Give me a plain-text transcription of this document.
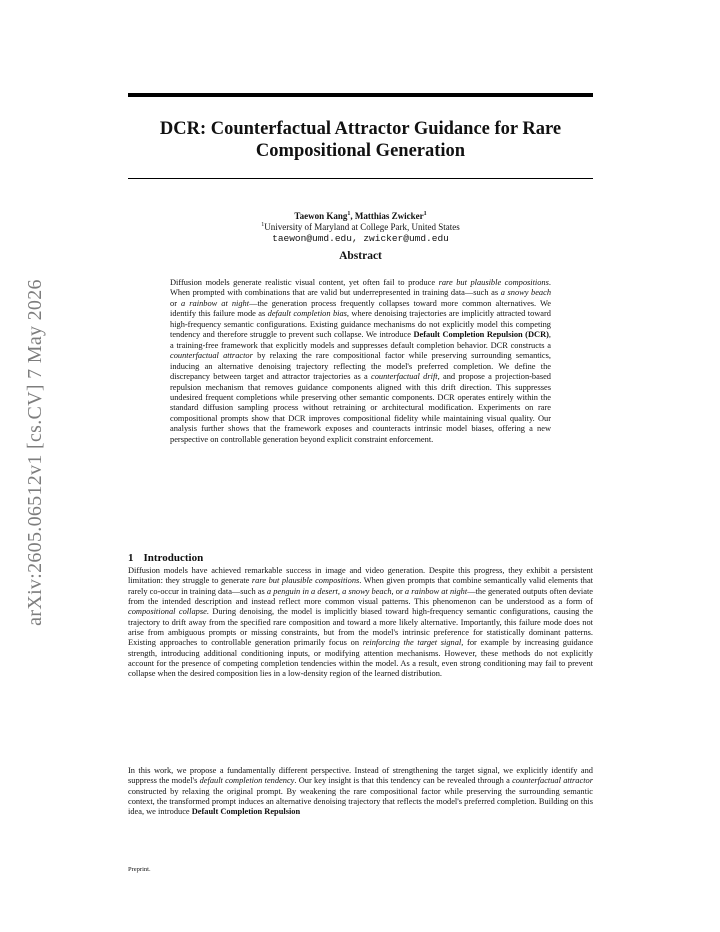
arXiv:2605.06512v1 [cs.CV] 7 May 2026
DCR: Counterfactual Attractor Guidance for Rare
Compositional Generation
Taewon Kang$^1$, Matthias Zwicker$^1$
$^1$University of Maryland at College Park, United States
taewon@umd.edu, zwicker@umd.edu
Abstract
Diffusion models generate realistic visual content, yet often fail to produce rare but plausible compositions. When prompted with combinations that are valid but underrepresented in training data—such as a snowy beach or a rainbow at night—the generation process frequently collapses toward more common alternatives. We identify this failure mode as default completion bias, where denoising trajectories are implicitly attracted toward high-frequency semantic configurations. Existing guidance mechanisms do not explicitly model this competing tendency and therefore struggle to prevent such collapse. We introduce Default Completion Repulsion (DCR), a training-free framework that explicitly models and suppresses default completion behavior. DCR constructs a counterfactual attractor by relaxing the rare compositional factor while preserving surrounding semantics, inducing an alternative denoising trajectory reflecting the model's preferred completion. We define the discrepancy between target and attractor trajectories as a counterfactual drift, and propose a projection-based repulsion mechanism that removes guidance components aligned with this drift direction. This suppresses undesired frequent completions while preserving other semantic components. DCR operates entirely within the standard diffusion sampling process without retraining or architectural modification. Experiments on rare compositional prompts show that DCR improves compositional fidelity while maintaining visual quality. Our analysis further shows that the framework exposes and counteracts intrinsic model biases, offering a new perspective on controllable generation beyond explicit constraint enforcement.
1 Introduction
Diffusion models have achieved remarkable success in image and video generation. Despite this progress, they exhibit a persistent limitation: they struggle to generate rare but plausible compositions. When given prompts that combine semantically valid elements that rarely co-occur in training data—such as a penguin in a desert, a snowy beach, or a rainbow at night—the generated outputs often deviate from the intended description and instead reflect more common visual patterns. This phenomenon can be understood as a form of compositional collapse. During denoising, the model is implicitly biased toward high-frequency semantic configurations, causing the trajectory to drift away from the specified rare composition and toward a more likely alternative. Importantly, this failure mode does not arise from ambiguous prompts or missing constraints, but from the model's intrinsic preference for statistically dominant patterns. Existing approaches to controllable generation primarily focus on reinforcing the target signal, for example by increasing guidance strength, introducing additional conditioning inputs, or modifying attention mechanisms. However, these methods do not explicitly account for the presence of competing completion tendencies within the model. As a result, even strong conditioning may fail to prevent collapse when the desired composition lies in a low-density region of the learned distribution.
In this work, we propose a fundamentally different perspective. Instead of strengthening the target signal, we explicitly identify and suppress the model's default completion tendency. Our key insight is that this tendency can be revealed through a counterfactual attractor constructed by relaxing the original prompt. By weakening the rare compositional factor while preserving the surrounding semantic context, the transformed prompt induces an alternative denoising trajectory that reflects the model's preferred completion. Building on this idea, we introduce Default Completion Repulsion
Preprint.
